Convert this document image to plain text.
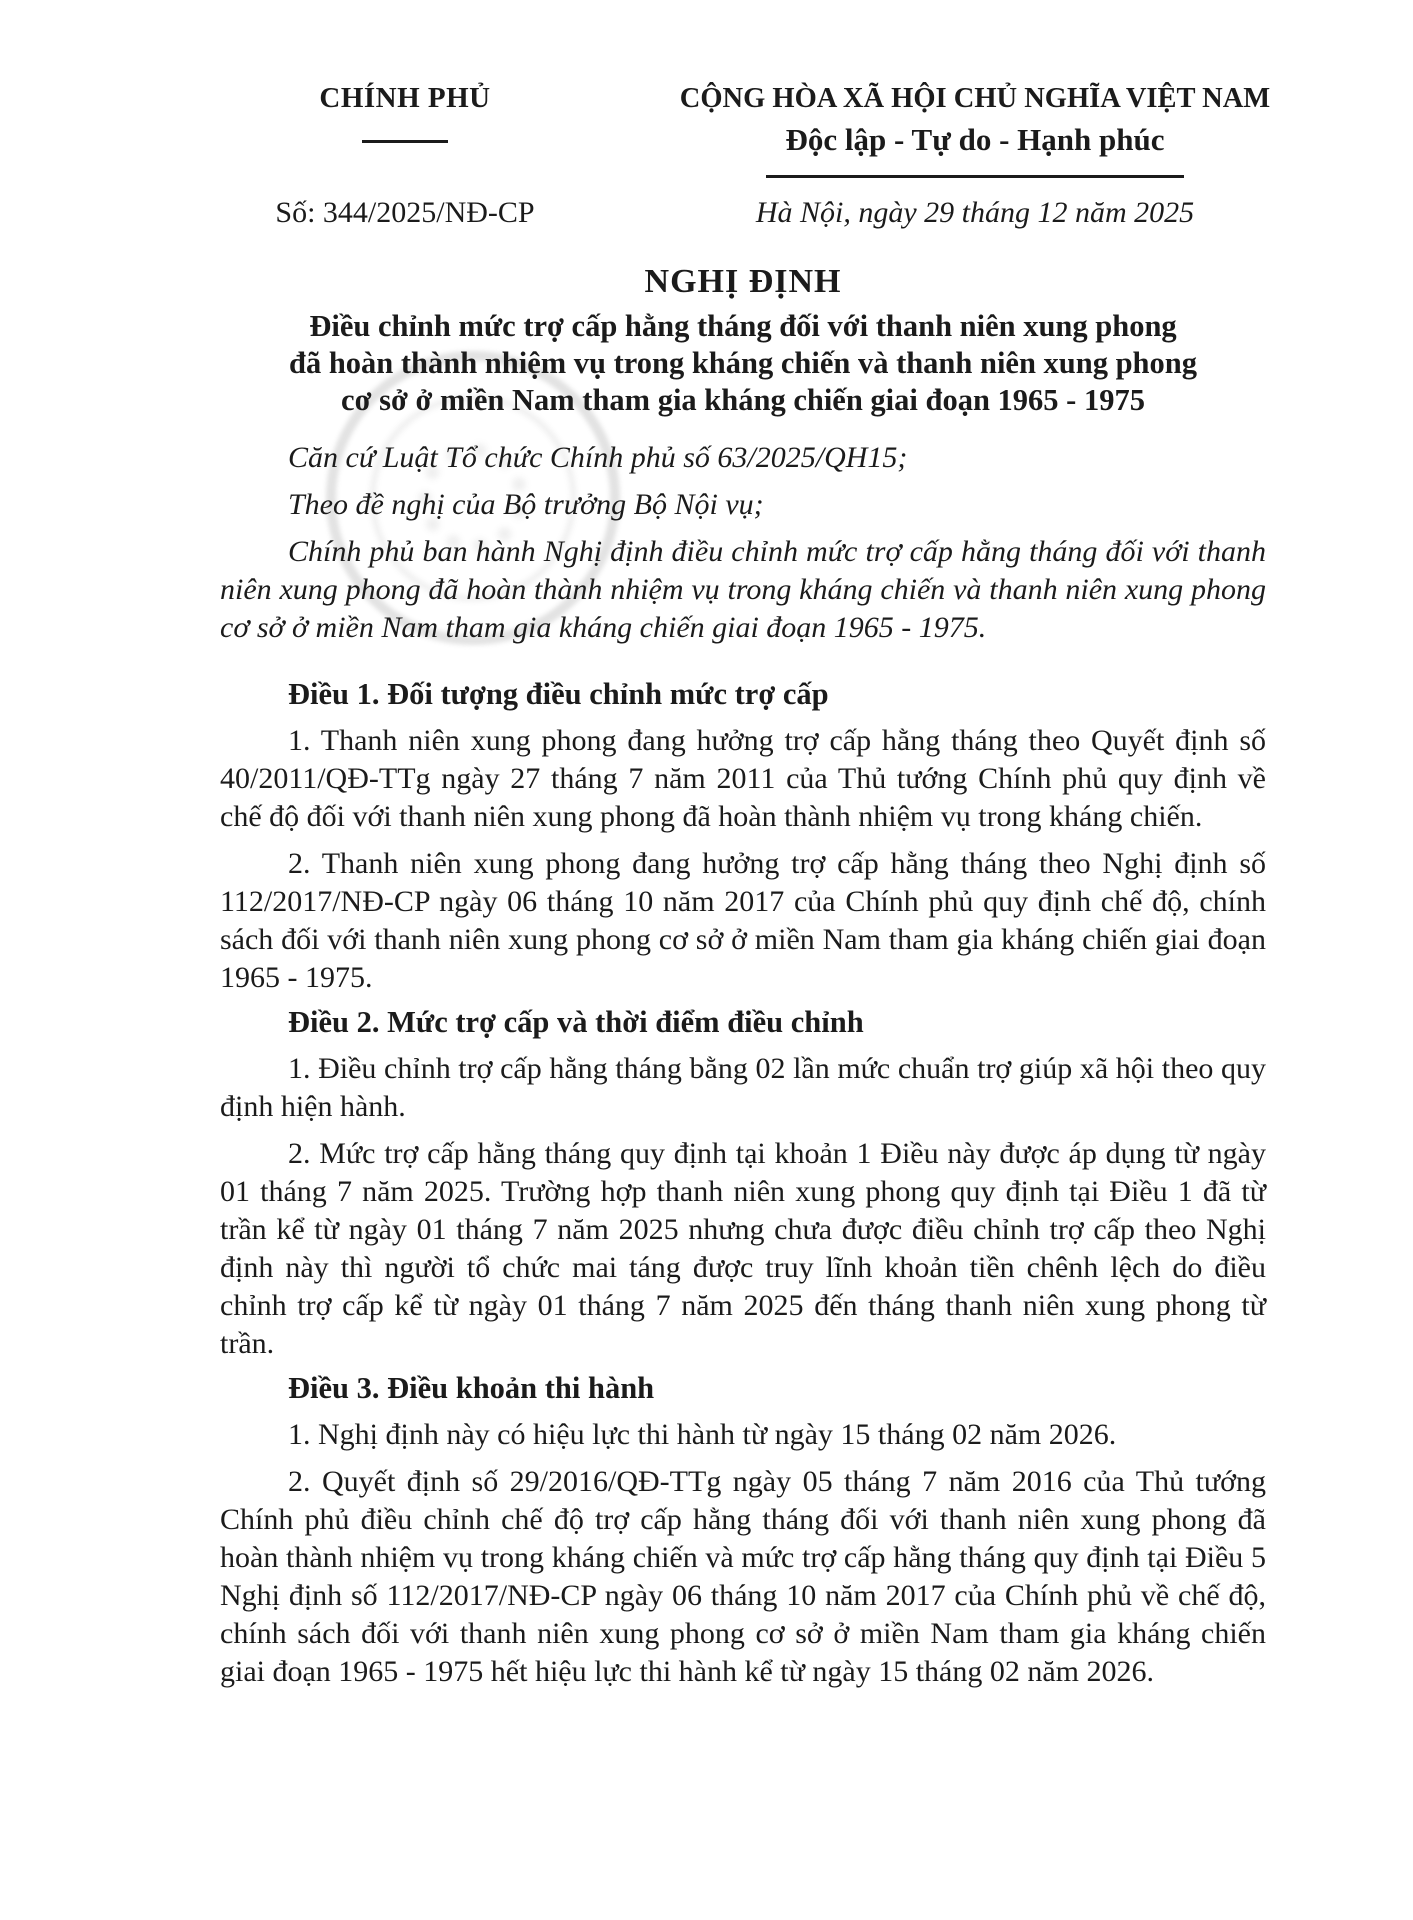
CHÍNH PHỦ
Số: 344/2025/NĐ-CP
CỘNG HÒA XÃ HỘI CHỦ NGHĨA VIỆT NAM
Độc lập - Tự do - Hạnh phúc
Hà Nội, ngày 29 tháng 12 năm 2025
NGHỊ ĐỊNH
Điều chỉnh mức trợ cấp hằng tháng đối với thanh niên xung phong
đã hoàn thành nhiệm vụ trong kháng chiến và thanh niên xung phong
cơ sở ở miền Nam tham gia kháng chiến giai đoạn 1965 - 1975

Căn cứ Luật Tổ chức Chính phủ số 63/2025/QH15;

Theo đề nghị của Bộ trưởng Bộ Nội vụ;

Chính phủ ban hành Nghị định điều chỉnh mức trợ cấp hằng tháng đối với thanh niên xung phong đã hoàn thành nhiệm vụ trong kháng chiến và thanh niên xung phong cơ sở ở miền Nam tham gia kháng chiến giai đoạn 1965 - 1975.

Điều 1. Đối tượng điều chỉnh mức trợ cấp

1. Thanh niên xung phong đang hưởng trợ cấp hằng tháng theo Quyết định số 40/2011/QĐ-TTg ngày 27 tháng 7 năm 2011 của Thủ tướng Chính phủ quy định về chế độ đối với thanh niên xung phong đã hoàn thành nhiệm vụ trong kháng chiến.

2. Thanh niên xung phong đang hưởng trợ cấp hằng tháng theo Nghị định số 112/2017/NĐ-CP ngày 06 tháng 10 năm 2017 của Chính phủ quy định chế độ, chính sách đối với thanh niên xung phong cơ sở ở miền Nam tham gia kháng chiến giai đoạn 1965 - 1975.

Điều 2. Mức trợ cấp và thời điểm điều chỉnh

1. Điều chỉnh trợ cấp hằng tháng bằng 02 lần mức chuẩn trợ giúp xã hội theo quy định hiện hành.

2. Mức trợ cấp hằng tháng quy định tại khoản 1 Điều này được áp dụng từ ngày 01 tháng 7 năm 2025. Trường hợp thanh niên xung phong quy định tại Điều 1 đã từ trần kể từ ngày 01 tháng 7 năm 2025 nhưng chưa được điều chỉnh trợ cấp theo Nghị định này thì người tổ chức mai táng được truy lĩnh khoản tiền chênh lệch do điều chỉnh trợ cấp kể từ ngày 01 tháng 7 năm 2025 đến tháng thanh niên xung phong từ trần.

Điều 3. Điều khoản thi hành

1. Nghị định này có hiệu lực thi hành từ ngày 15 tháng 02 năm 2026.

2. Quyết định số 29/2016/QĐ-TTg ngày 05 tháng 7 năm 2016 của Thủ tướng Chính phủ điều chỉnh chế độ trợ cấp hằng tháng đối với thanh niên xung phong đã hoàn thành nhiệm vụ trong kháng chiến và mức trợ cấp hằng tháng quy định tại Điều 5 Nghị định số 112/2017/NĐ-CP ngày 06 tháng 10 năm 2017 của Chính phủ về chế độ, chính sách đối với thanh niên xung phong cơ sở ở miền Nam tham gia kháng chiến giai đoạn 1965 - 1975 hết hiệu lực thi hành kể từ ngày 15 tháng 02 năm 2026.
